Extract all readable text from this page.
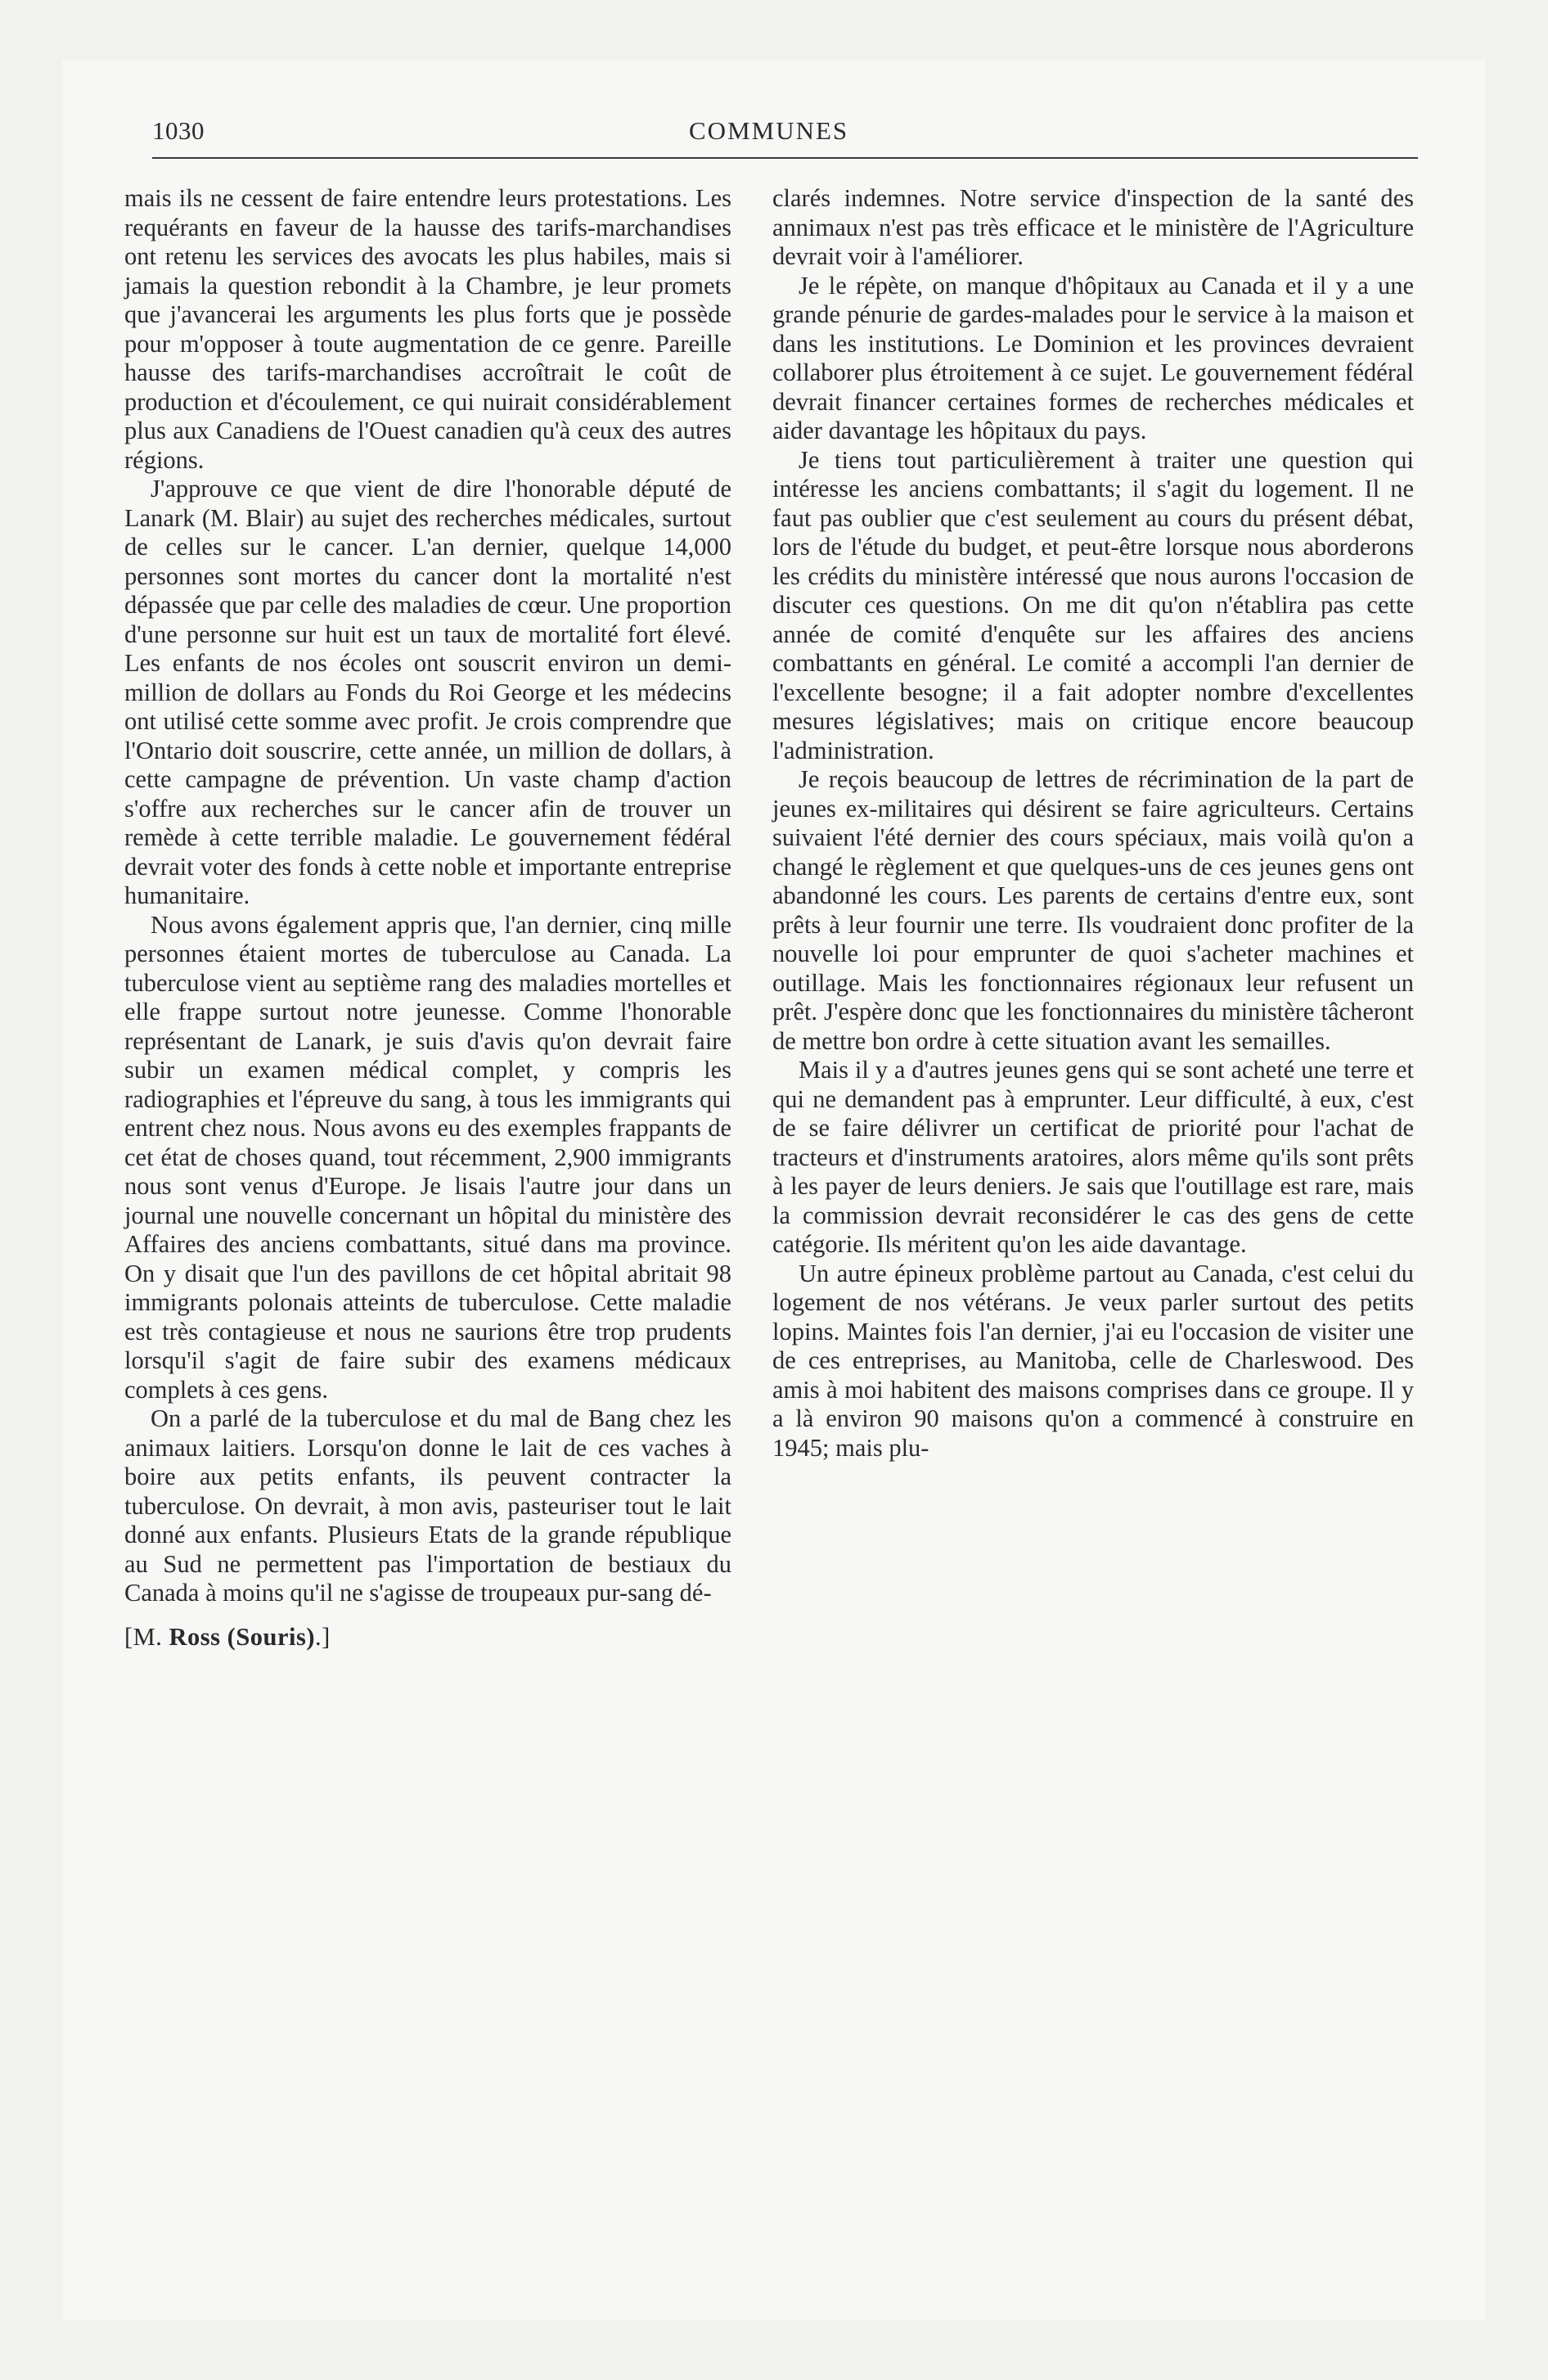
1030	COMMUNES

mais ils ne cessent de faire entendre leurs protestations. Les requérants en faveur de la hausse des tarifs-marchandises ont retenu les services des avocats les plus habiles, mais si jamais la question rebondit à la Chambre, je leur promets que j'avancerai les arguments les plus forts que je possède pour m'opposer à toute augmentation de ce genre. Pareille hausse des tarifs-marchandises accroîtrait le coût de production et d'écoulement, ce qui nuirait considérablement plus aux Canadiens de l'Ouest canadien qu'à ceux des autres régions.

J'approuve ce que vient de dire l'honorable député de Lanark (M. Blair) au sujet des recherches médicales, surtout de celles sur le cancer. L'an dernier, quelque 14,000 personnes sont mortes du cancer dont la mortalité n'est dépassée que par celle des maladies de cœur. Une proportion d'une personne sur huit est un taux de mortalité fort élevé. Les enfants de nos écoles ont souscrit environ un demi-million de dollars au Fonds du Roi George et les médecins ont utilisé cette somme avec profit. Je crois comprendre que l'Ontario doit souscrire, cette année, un million de dollars, à cette campagne de prévention. Un vaste champ d'action s'offre aux recherches sur le cancer afin de trouver un remède à cette terrible maladie. Le gouvernement fédéral devrait voter des fonds à cette noble et importante entreprise humanitaire.

Nous avons également appris que, l'an dernier, cinq mille personnes étaient mortes de tuberculose au Canada. La tuberculose vient au septième rang des maladies mortelles et elle frappe surtout notre jeunesse. Comme l'honorable représentant de Lanark, je suis d'avis qu'on devrait faire subir un examen médical complet, y compris les radiographies et l'épreuve du sang, à tous les immigrants qui entrent chez nous. Nous avons eu des exemples frappants de cet état de choses quand, tout récemment, 2,900 immigrants nous sont venus d'Europe. Je lisais l'autre jour dans un journal une nouvelle concernant un hôpital du ministère des Affaires des anciens combattants, situé dans ma province. On y disait que l'un des pavillons de cet hôpital abritait 98 immigrants polonais atteints de tuberculose. Cette maladie est très contagieuse et nous ne saurions être trop prudents lorsqu'il s'agit de faire subir des examens médicaux complets à ces gens.

On a parlé de la tuberculose et du mal de Bang chez les animaux laitiers. Lorsqu'on donne le lait de ces vaches à boire aux petits enfants, ils peuvent contracter la tuberculose. On devrait, à mon avis, pasteuriser tout le lait donné aux enfants. Plusieurs Etats de la grande république au Sud ne permettent pas l'importation de bestiaux du Canada à moins qu'il ne s'agisse de troupeaux pur-sang dé-

[M. Ross (Souris).]

clarés indemnes. Notre service d'inspection de la santé des annimaux n'est pas très efficace et le ministère de l'Agriculture devrait voir à l'améliorer.

Je le répète, on manque d'hôpitaux au Canada et il y a une grande pénurie de gardes-malades pour le service à la maison et dans les institutions. Le Dominion et les provinces devraient collaborer plus étroitement à ce sujet. Le gouvernement fédéral devrait financer certaines formes de recherches médicales et aider davantage les hôpitaux du pays.

Je tiens tout particulièrement à traiter une question qui intéresse les anciens combattants; il s'agit du logement. Il ne faut pas oublier que c'est seulement au cours du présent débat, lors de l'étude du budget, et peut-être lorsque nous aborderons les crédits du ministère intéressé que nous aurons l'occasion de discuter ces questions. On me dit qu'on n'établira pas cette année de comité d'enquête sur les affaires des anciens combattants en général. Le comité a accompli l'an dernier de l'excellente besogne; il a fait adopter nombre d'excellentes mesures législatives; mais on critique encore beaucoup l'administration.

Je reçois beaucoup de lettres de récrimination de la part de jeunes ex-militaires qui désirent se faire agriculteurs. Certains suivaient l'été dernier des cours spéciaux, mais voilà qu'on a changé le règlement et que quelques-uns de ces jeunes gens ont abandonné les cours. Les parents de certains d'entre eux, sont prêts à leur fournir une terre. Ils voudraient donc profiter de la nouvelle loi pour emprunter de quoi s'acheter machines et outillage. Mais les fonctionnaires régionaux leur refusent un prêt. J'espère donc que les fonctionnaires du ministère tâcheront de mettre bon ordre à cette situation avant les semailles.

Mais il y a d'autres jeunes gens qui se sont acheté une terre et qui ne demandent pas à emprunter. Leur difficulté, à eux, c'est de se faire délivrer un certificat de priorité pour l'achat de tracteurs et d'instruments aratoires, alors même qu'ils sont prêts à les payer de leurs deniers. Je sais que l'outillage est rare, mais la commission devrait reconsidérer le cas des gens de cette catégorie. Ils méritent qu'on les aide davantage.

Un autre épineux problème partout au Canada, c'est celui du logement de nos vétérans. Je veux parler surtout des petits lopins. Maintes fois l'an dernier, j'ai eu l'occasion de visiter une de ces entreprises, au Manitoba, celle de Charleswood. Des amis à moi habitent des maisons comprises dans ce groupe. Il y a là environ 90 maisons qu'on a commencé à construire en 1945; mais plu-
